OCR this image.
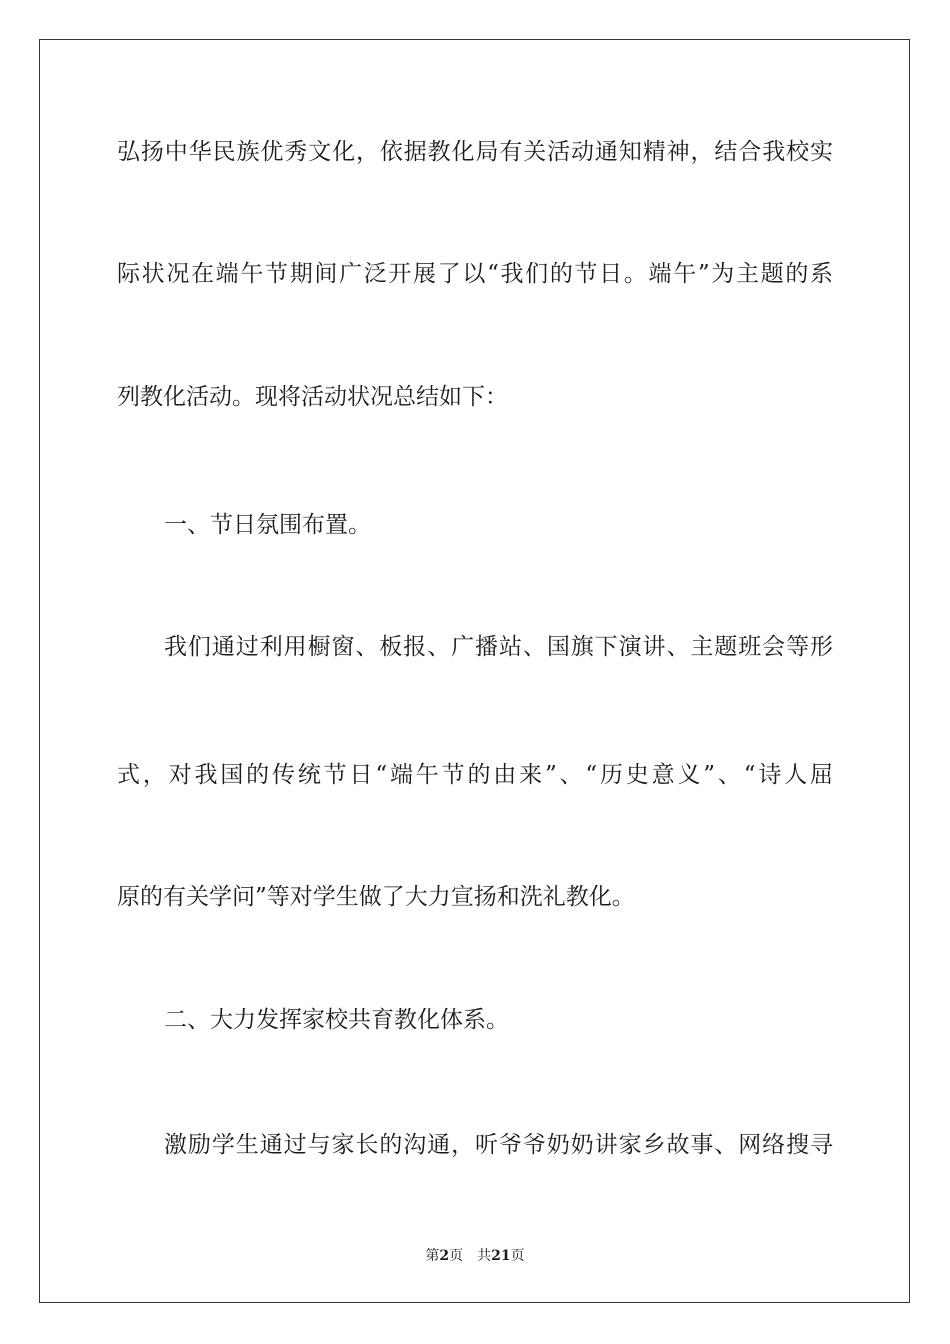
弘扬中华民族优秀文化，依据教化局有关活动通知精神，结合我校实
际状况在端午节期间广泛开展了以“我们的节日。端午”为主题的系
列教化活动。现将活动状况总结如下：
一、节日氛围布置。
我们通过利用橱窗、板报、广播站、国旗下演讲、主题班会等形
式，对我国的传统节日“端午节的由来”、“历史意义”、“诗人屈
原的有关学问”等对学生做了大力宣扬和洗礼教化。
二、大力发挥家校共育教化体系。
激励学生通过与家长的沟通，听爷爷奶奶讲家乡故事、网络搜寻
第2页 共21页
